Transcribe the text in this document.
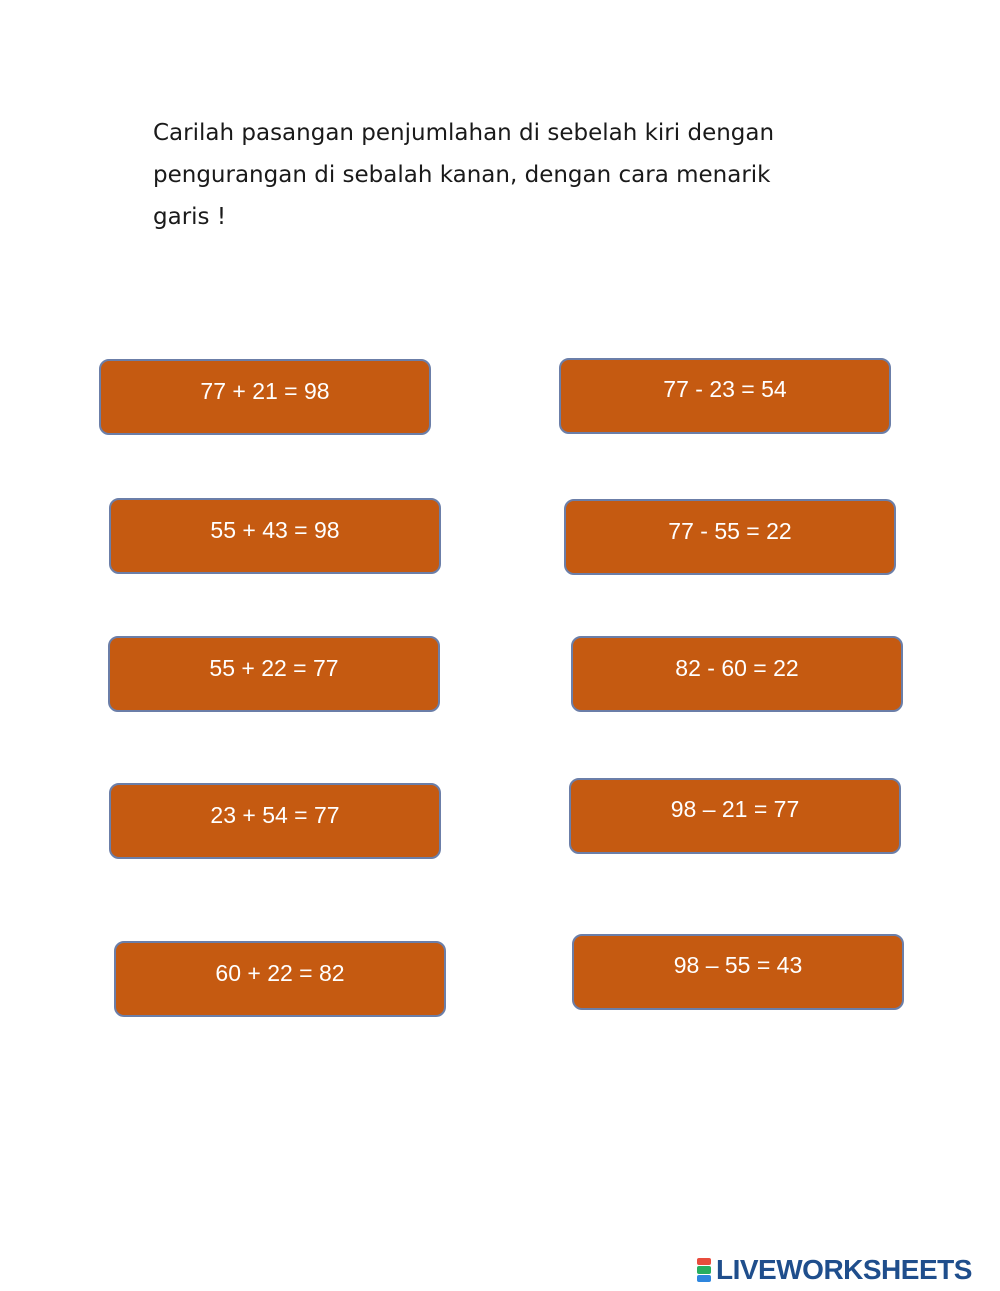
Carilah pasangan penjumlahan di sebelah kiri dengan
pengurangan di sebalah kanan, dengan cara menarik
garis !

77 + 21 = 98
55 + 43 = 98
55 + 22 = 77
23 + 54 = 77
60 + 22 = 82
77 - 23 = 54
77 - 55 = 22
82 - 60 = 22
98 – 21 = 77
98 – 55 = 43
LIVEWORKSHEETS
